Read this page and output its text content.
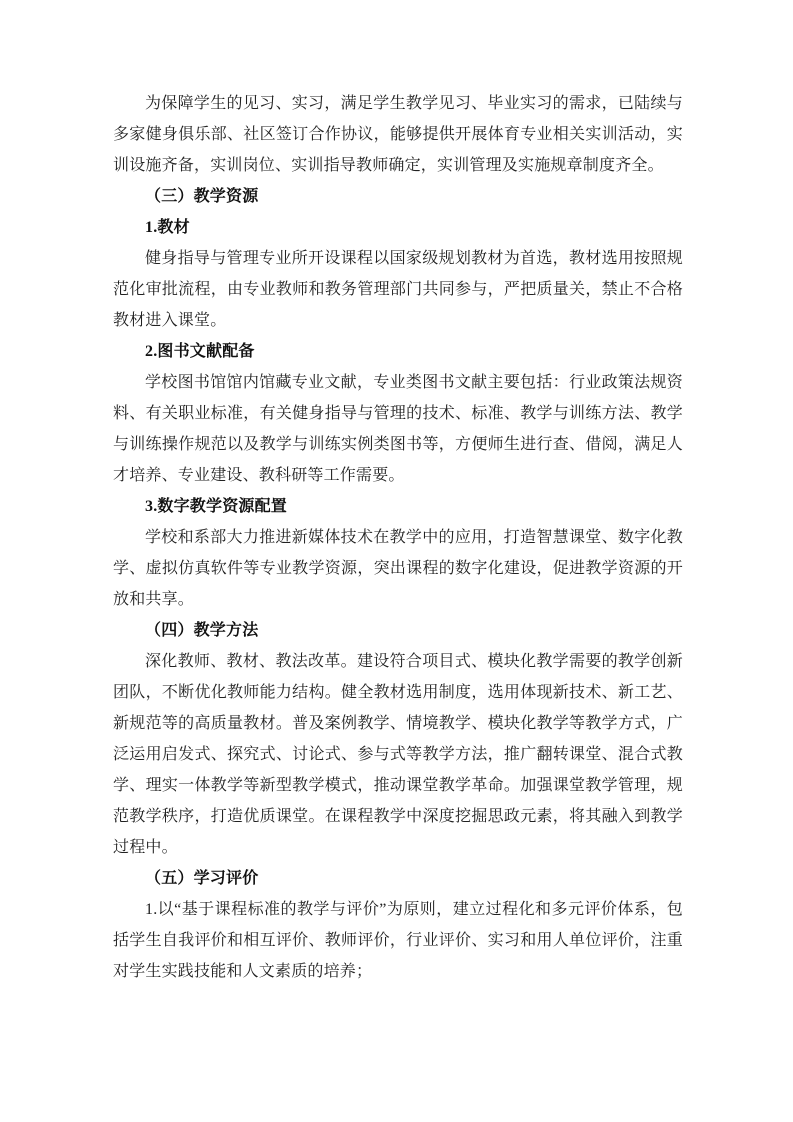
为保障学生的见习、实习，满足学生教学见习、毕业实习的需求，已陆续与多家健身俱乐部、社区签订合作协议，能够提供开展体育专业相关实训活动，实训设施齐备，实训岗位、实训指导教师确定，实训管理及实施规章制度齐全。

（三）教学资源

1.教材

健身指导与管理专业所开设课程以国家级规划教材为首选，教材选用按照规范化审批流程，由专业教师和教务管理部门共同参与，严把质量关，禁止不合格教材进入课堂。

2.图书文献配备

学校图书馆馆内馆藏专业文献，专业类图书文献主要包括：行业政策法规资料、有关职业标准，有关健身指导与管理的技术、标准、教学与训练方法、教学与训练操作规范以及教学与训练实例类图书等，方便师生进行查、借阅，满足人才培养、专业建设、教科研等工作需要。

3.数字教学资源配置

学校和系部大力推进新媒体技术在教学中的应用，打造智慧课堂、数字化教学、虚拟仿真软件等专业教学资源，突出课程的数字化建设，促进教学资源的开放和共享。

（四）教学方法

深化教师、教材、教法改革。建设符合项目式、模块化教学需要的教学创新团队，不断优化教师能力结构。健全教材选用制度，选用体现新技术、新工艺、新规范等的高质量教材。普及案例教学、情境教学、模块化教学等教学方式，广泛运用启发式、探究式、讨论式、参与式等教学方法，推广翻转课堂、混合式教学、理实一体教学等新型教学模式，推动课堂教学革命。加强课堂教学管理，规范教学秩序，打造优质课堂。在课程教学中深度挖掘思政元素，将其融入到教学过程中。

（五）学习评价

1.以“基于课程标准的教学与评价”为原则，建立过程化和多元评价体系，包括学生自我评价和相互评价、教师评价，行业评价、实习和用人单位评价，注重对学生实践技能和人文素质的培养；
